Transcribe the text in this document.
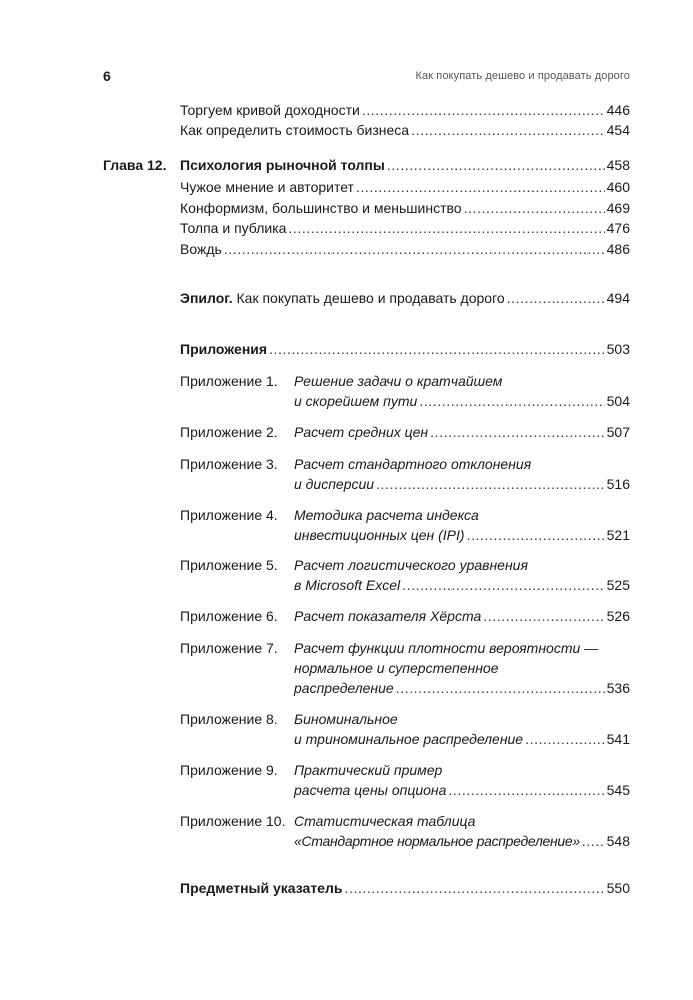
6	Как покупать дешево и продавать дорого
Торгуем кривой доходности .....	446
Как определить стоимость бизнеса .....	454
Глава 12. Психология рыночной толпы .....	458
Чужое мнение и авторитет .....	460
Конформизм, большинство и меньшинство .....	469
Толпа и публика .....	476
Вождь .....	486
Эпилог. Как покупать дешево и продавать дорого .....	494
Приложения .....	503
Приложение 1. Решение задачи о кратчайшем
и скорейшем пути .....	504
Приложение 2. Расчет средних цен .....	507
Приложение 3. Расчет стандартного отклонения
и дисперсии .....	516
Приложение 4. Методика расчета индекса
инвестиционных цен (IPI) .....	521
Приложение 5. Расчет логистического уравнения
в Microsoft Excel .....	525
Приложение 6. Расчет показателя Хёрста .....	526
Приложение 7. Расчет функции плотности вероятности —
нормальное и суперстепенное
распределение .....	536
Приложение 8. Биноминальное
и триноминальное распределение .....	541
Приложение 9. Практический пример
расчета цены опциона .....	545
Приложение 10. Статистическая таблица
«Стандартное нормальное распределение» ..... 548
Предметный указатель .....	550
